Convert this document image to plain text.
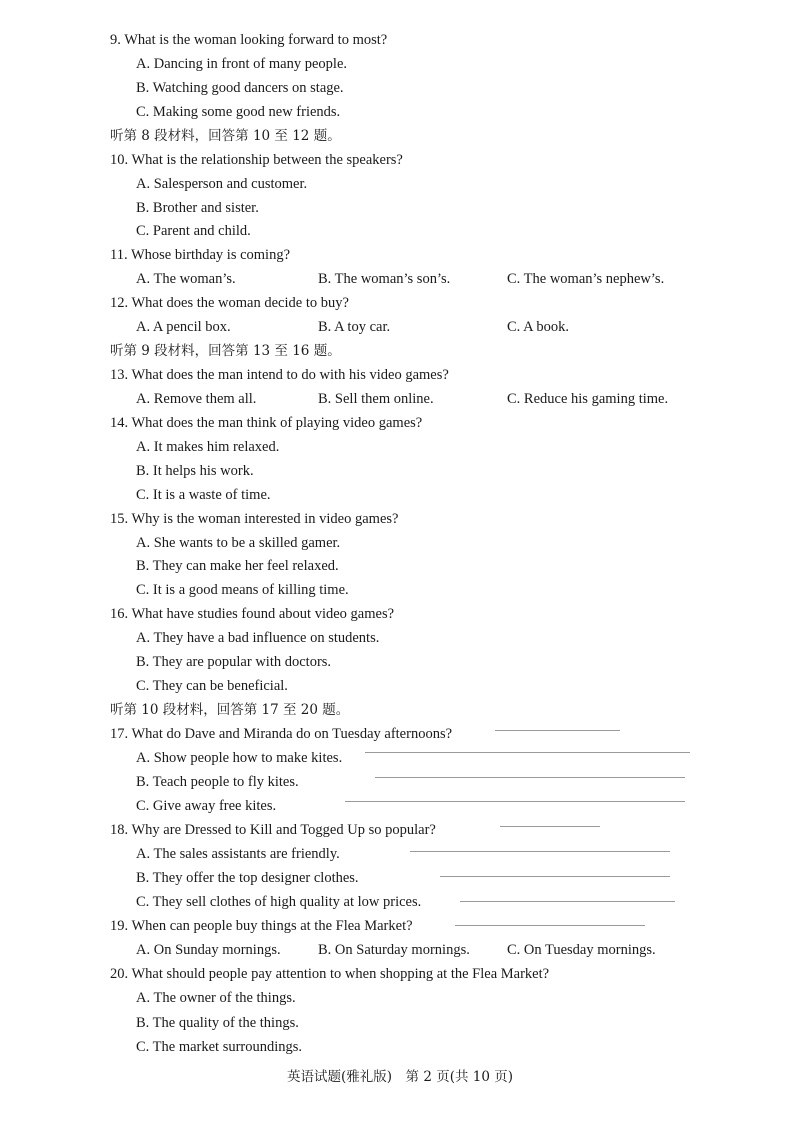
9. What is the woman looking forward to most?
A. Dancing in front of many people.
B. Watching good dancers on stage.
C. Making some good new friends.
听第 8 段材料，回答第 10 至 12 题。
10. What is the relationship between the speakers?
A. Salesperson and customer.
B. Brother and sister.
C. Parent and child.
11. Whose birthday is coming?
A. The woman’s.	B. The woman’s son’s.	C. The woman’s nephew’s.
12. What does the woman decide to buy?
A. A pencil box.	B. A toy car.	C. A book.
听第 9 段材料，回答第 13 至 16 题。
13. What does the man intend to do with his video games?
A. Remove them all.	B. Sell them online.	C. Reduce his gaming time.
14. What does the man think of playing video games?
A. It makes him relaxed.
B. It helps his work.
C. It is a waste of time.
15. Why is the woman interested in video games?
A. She wants to be a skilled gamer.
B. They can make her feel relaxed.
C. It is a good means of killing time.
16. What have studies found about video games?
A. They have a bad influence on students.
B. They are popular with doctors.
C. They can be beneficial.
听第 10 段材料，回答第 17 至 20 题。
17. What do Dave and Miranda do on Tuesday afternoons?
A. Show people how to make kites.
B. Teach people to fly kites.
C. Give away free kites.
18. Why are Dressed to Kill and Togged Up so popular?
A. The sales assistants are friendly.
B. They offer the top designer clothes.
C. They sell clothes of high quality at low prices.
19. When can people buy things at the Flea Market?
A. On Sunday mornings.	B. On Saturday mornings.	C. On Tuesday mornings.
20. What should people pay attention to when shopping at the Flea Market?
A. The owner of the things.
B. The quality of the things.
C. The market surroundings.
英语试题(雅礼版)　第 2 页(共 10 页)
